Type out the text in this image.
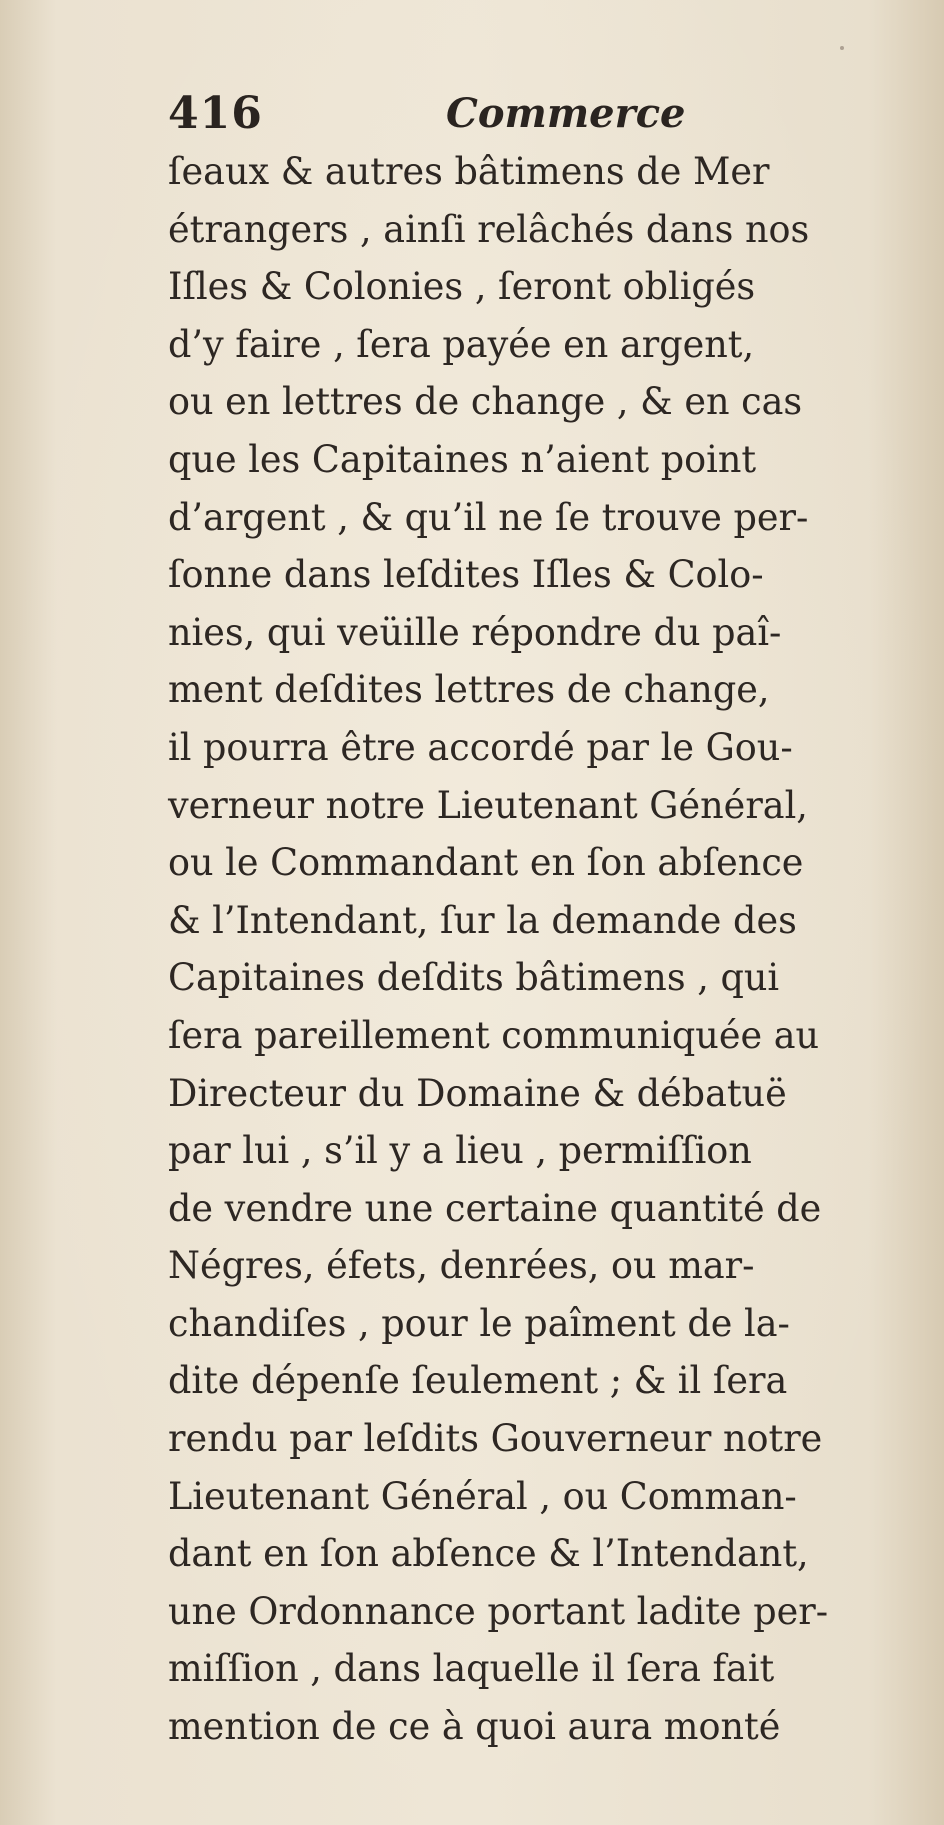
416	Commerce
ſeaux & autres bâtimens de Mer
étrangers , ainſi relâchés dans nos
Iſles & Colonies , ſeront obligés
d’y faire , ſera payée en argent,
ou en lettres de change , & en cas
que les Capitaines n’aient point
d’argent , & qu’il ne ſe trouve per-
ſonne dans leſdites Iſles & Colo-
nies, qui veüille répondre du paî-
ment deſdites lettres de change,
il pourra être accordé par le Gou-
verneur notre Lieutenant Général,
ou le Commandant en ſon abſence
& l’Intendant, ſur la demande des
Capitaines deſdits bâtimens , qui
ſera pareillement communiquée au
Directeur du Domaine & débatuë
par lui , s’il y a lieu , permiſſion
de vendre une certaine quantité de
Négres, éfets, denrées, ou mar-
chandiſes , pour le paîment de la-
dite dépenſe ſeulement ; & il ſera
rendu par leſdits Gouverneur notre
Lieutenant Général , ou Comman-
dant en ſon abſence & l’Intendant,
une Ordonnance portant ladite per-
miſſion , dans laquelle il ſera fait
mention de ce à quoi aura monté
